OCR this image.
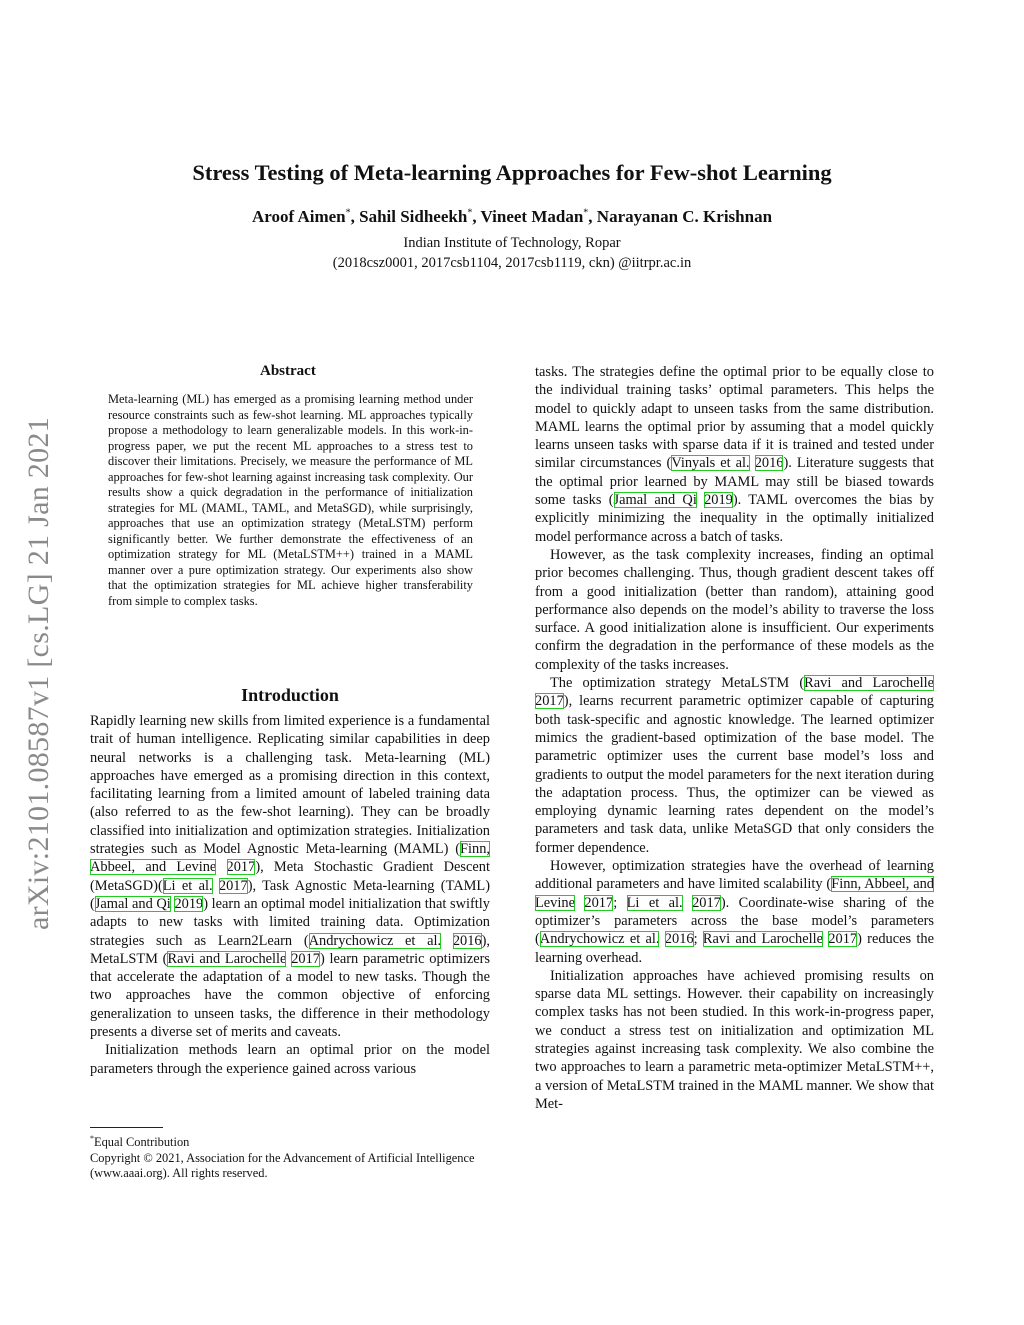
arXiv:2101.08587v1 [cs.LG] 21 Jan 2021
Stress Testing of Meta-learning Approaches for Few-shot Learning
Aroof Aimen*, Sahil Sidheekh*, Vineet Madan*, Narayanan C. Krishnan
Indian Institute of Technology, Ropar
(2018csz0001, 2017csb1104, 2017csb1119, ckn) @iitrpr.ac.in
Abstract
Meta-learning (ML) has emerged as a promising learning method under resource constraints such as few-shot learning. ML approaches typically propose a methodology to learn generalizable models. In this work-in-progress paper, we put the recent ML approaches to a stress test to discover their limitations. Precisely, we measure the performance of ML approaches for few-shot learning against increasing task complexity. Our results show a quick degradation in the performance of initialization strategies for ML (MAML, TAML, and MetaSGD), while surprisingly, approaches that use an optimization strategy (MetaLSTM) perform significantly better. We further demonstrate the effectiveness of an optimization strategy for ML (MetaLSTM++) trained in a MAML manner over a pure optimization strategy. Our experiments also show that the optimization strategies for ML achieve higher transferability from simple to complex tasks.
Introduction

Rapidly learning new skills from limited experience is a fundamental trait of human intelligence. Replicating similar capabilities in deep neural networks is a challenging task. Meta-learning (ML) approaches have emerged as a promising direction in this context, facilitating learning from a limited amount of labeled training data (also referred to as the few-shot learning). They can be broadly classified into initialization and optimization strategies. Initialization strategies such as Model Agnostic Meta-learning (MAML) (Finn, Abbeel, and Levine 2017), Meta Stochastic Gradient Descent (MetaSGD)(Li et al. 2017), Task Agnostic Meta-learning (TAML) (Jamal and Qi 2019) learn an optimal model initialization that swiftly adapts to new tasks with limited training data. Optimization strategies such as Learn2Learn (Andrychowicz et al. 2016), MetaLSTM (Ravi and Larochelle 2017) learn parametric optimizers that accelerate the adaptation of a model to new tasks. Though the two approaches have the common objective of enforcing generalization to unseen tasks, the difference in their methodology presents a diverse set of merits and caveats.

Initialization methods learn an optimal prior on the model parameters through the experience gained across various

tasks. The strategies define the optimal prior to be equally close to the individual training tasks’ optimal parameters. This helps the model to quickly adapt to unseen tasks from the same distribution. MAML learns the optimal prior by assuming that a model quickly learns unseen tasks with sparse data if it is trained and tested under similar circumstances (Vinyals et al. 2016). Literature suggests that the optimal prior learned by MAML may still be biased towards some tasks (Jamal and Qi 2019). TAML overcomes the bias by explicitly minimizing the inequality in the optimally initialized model performance across a batch of tasks.

However, as the task complexity increases, finding an optimal prior becomes challenging. Thus, though gradient descent takes off from a good initialization (better than random), attaining good performance also depends on the model’s ability to traverse the loss surface. A good initialization alone is insufficient. Our experiments confirm the degradation in the performance of these models as the complexity of the tasks increases.

The optimization strategy MetaLSTM (Ravi and Larochelle 2017), learns recurrent parametric optimizer capable of capturing both task-specific and agnostic knowledge. The learned optimizer mimics the gradient-based optimization of the base model. The parametric optimizer uses the current base model’s loss and gradients to output the model parameters for the next iteration during the adaptation process. Thus, the optimizer can be viewed as employing dynamic learning rates dependent on the model’s parameters and task data, unlike MetaSGD that only considers the former dependence.

However, optimization strategies have the overhead of learning additional parameters and have limited scalability (Finn, Abbeel, and Levine 2017; Li et al. 2017). Coordinate-wise sharing of the optimizer’s parameters across the base model’s parameters (Andrychowicz et al. 2016; Ravi and Larochelle 2017) reduces the learning overhead.

Initialization approaches have achieved promising results on sparse data ML settings. However. their capability on increasingly complex tasks has not been studied. In this work-in-progress paper, we conduct a stress test on initialization and optimization ML strategies against increasing task complexity. We also combine the two approaches to learn a parametric meta-optimizer MetaLSTM++, a version of MetaLSTM trained in the MAML manner. We show that Met-

*Equal Contribution
Copyright © 2021, Association for the Advancement of Artificial Intelligence (www.aaai.org). All rights reserved.
